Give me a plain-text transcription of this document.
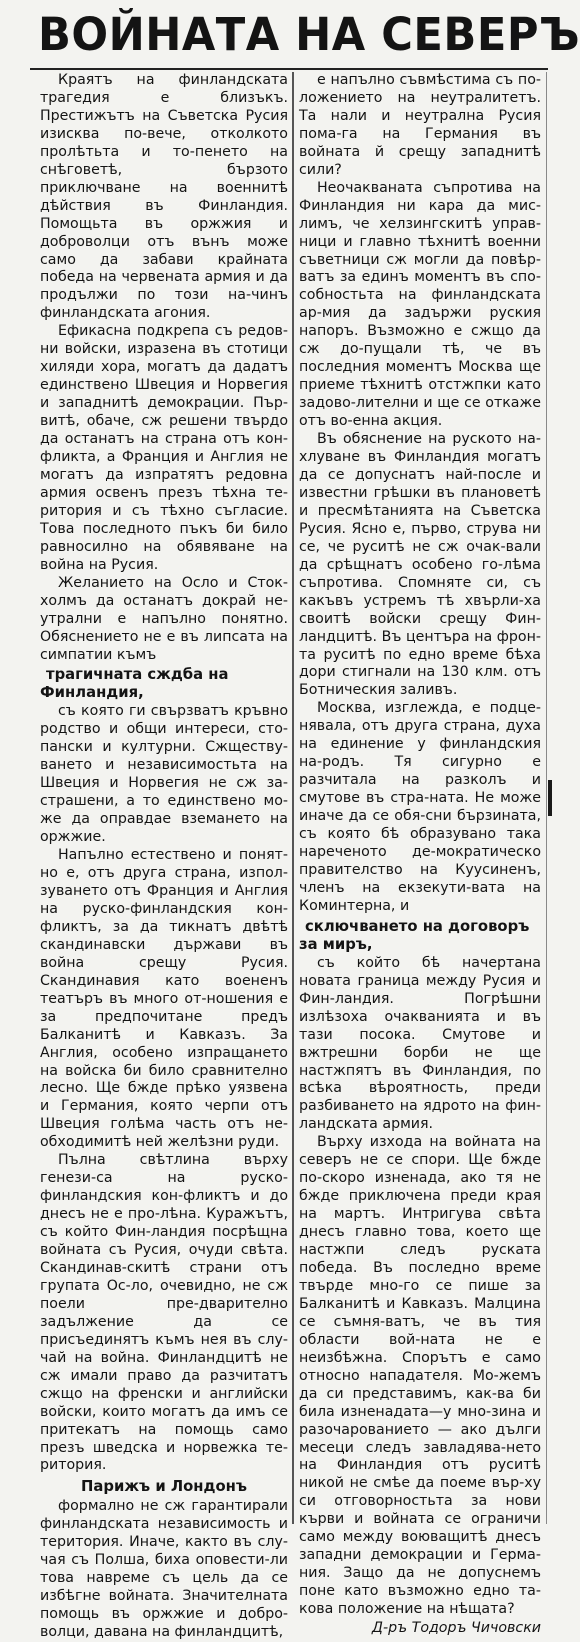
ВОЙНАТА НА СЕВЕРЪ

Краятъ на финландската трагедия е близъкъ. Престижътъ на Съветска Русия изисква по-вече, отколкото пролѣтьта и то-пенето на снѣговетѣ, бързото приключване на военнитѣ дѣйствия въ Финландия. Помощьта въ оржжия и доброволци отъ вънъ може само да забави крайната победа на червената армия и да продължи по този на-чинъ финландската агония.

Ефикасна подкрепа съ редов-ни войски, изразена въ стотици хиляди хора, могатъ да дадатъ единствено Швеция и Норвегия и западнитѣ демокрации. Пър-витѣ, обаче, сж решени твърдо да останатъ на страна отъ кон-фликта, а Франция и Англия не могатъ да изпратятъ редовна армия освенъ презъ тѣхна те-ритория и съ тѣхно съгласие. Това последното пъкъ би било равносилно на обявяване на война на Русия.

Желанието на Осло и Сток-холмъ да останатъ докрай не-утрални е напълно понятно. Обяснението не е въ липсата на симпатии къмъ

трагичната сждба на Финландия,

съ която ги свързватъ кръвно родство и общи интереси, сто-пански и културни. Сжществу-ването и независимостьта на Швеция и Норвегия не сж за-страшени, а то единствено мо-же да оправдае вземането на оржжие.

Напълно естествено и понят-но е, отъ друга страна, изпол-зуването отъ Франция и Англия на руско-финландския кон-фликтъ, за да тикнатъ двѣтѣ скандинавски държави въ война срещу Русия. Скандинавия като воененъ театъръ въ много от-ношения е за предпочитане предъ Балканитѣ и Кавказъ. За Англия, особено изпращането на войска би било сравнително лесно. Ще бжде прѣко уязвена и Германия, която черпи отъ Швеция голѣма часть отъ не-обходимитѣ ней желѣзни руди.

Пълна свѣтлина върху генези-са на руско-финландския кон-фликтъ и до днесъ не е про-лѣна. Куражътъ, съ който Фин-ландия посрѣщна войната съ Русия, очуди свѣта. Скандинав-скитѣ страни отъ групата Ос-ло, очевидно, не сж поели пре-дварително задължение да се присъединятъ къмъ нея въ слу-чай на война. Финландцитѣ не сж имали право да разчитатъ сжщо на френски и английски войски, които могатъ да имъ се притекатъ на помощь само презъ шведска и норвежка те-ритория.

Парижъ и Лондонъ

формално не сж гарантирали финландската независимость и територия. Иначе, както въ слу-чая съ Полша, биха оповести-ли това навреме съ цель да се избѣгне войната. Значителната помощь въ оржжие и добро-волци, давана на финландцитѣ,

е напълно съвмѣстима съ по-ложението на неутралитетъ. Та нали и неутрална Русия пома-га на Германия въ войната й срещу западнитѣ сили?

Неочакваната съпротива на Финландия ни кара да мис-лимъ, че хелзингскитѣ управ-ници и главно тѣхнитѣ военни съветници сж могли да повѣр-ватъ за единъ моментъ въ спо-собностьта на финландската ар-мия да задържи руския напоръ. Възможно е сжщо да сж до-пущали тѣ, че въ последния моментъ Москва ще приеме тѣхнитѣ отстжпки като задово-лителни и ще се откаже отъ во-енна акция.

Въ обяснение на руското на-хлуване въ Финландия могатъ да се допуснатъ най-после и известни грѣшки въ плановетѣ и пресмѣтанията на Съветска Русия. Ясно е, първо, струва ни се, че руситѣ не сж очак-вали да срѣщнатъ особено го-лѣма съпротива. Спомняте си, съ какъвъ устремъ тѣ хвърли-ха своитѣ войски срещу Фин-ландцитѣ. Въ центъра на фрон-та руситѣ по едно време бѣха дори стигнали на 130 клм. отъ Ботническия заливъ.

Москва, изглежда, е подце-нявала, отъ друга страна, духа на единение у финландския на-родъ. Тя сигурно е разчитала на разколъ и смутове въ стра-ната. Не може иначе да се обя-сни бързината, съ която бѣ образувано така нареченото де-мократическо правителство на Куусиненъ, членъ на екзекути-вата на Коминтерна, и

сключването на договоръ за миръ,

съ който бѣ начертана новата граница между Русия и Фин-ландия. Погрѣшни излѣзоха очакванията и въ тази посока. Смутове и вжтрешни борби не ще настжпятъ въ Финландия, по всѣка вѣроятность, преди разбиването на ядрото на фин-ландската армия.

Върху изхода на войната на северъ не се спори. Ще бжде по-скоро изненада, ако тя не бжде приключена преди края на мартъ. Интригува свѣта днесъ главно това, което ще настжпи следъ руската победа. Въ последно време твърде мно-го се пише за Балканитѣ и Кавказъ. Малцина се съмня-ватъ, че въ тия области вой-ната не е неизбѣжна. Спорътъ е само относно нападателя. Мо-жемъ да си представимъ, как-ва би била изненадата—у мно-зина и разочарованието — ако дълги месеци следъ завладява-нето на Финландия отъ руситѣ никой не смѣе да поеме вър-ху си отговорностьта за нови кърви и войната се ограничи само между воюващитѣ днесъ западни демокрации и Герма-ния. Защо да не допуснемъ поне като възможно едно та-кова положение на нѣщата?

Д-ръ Тодоръ Чичовски
